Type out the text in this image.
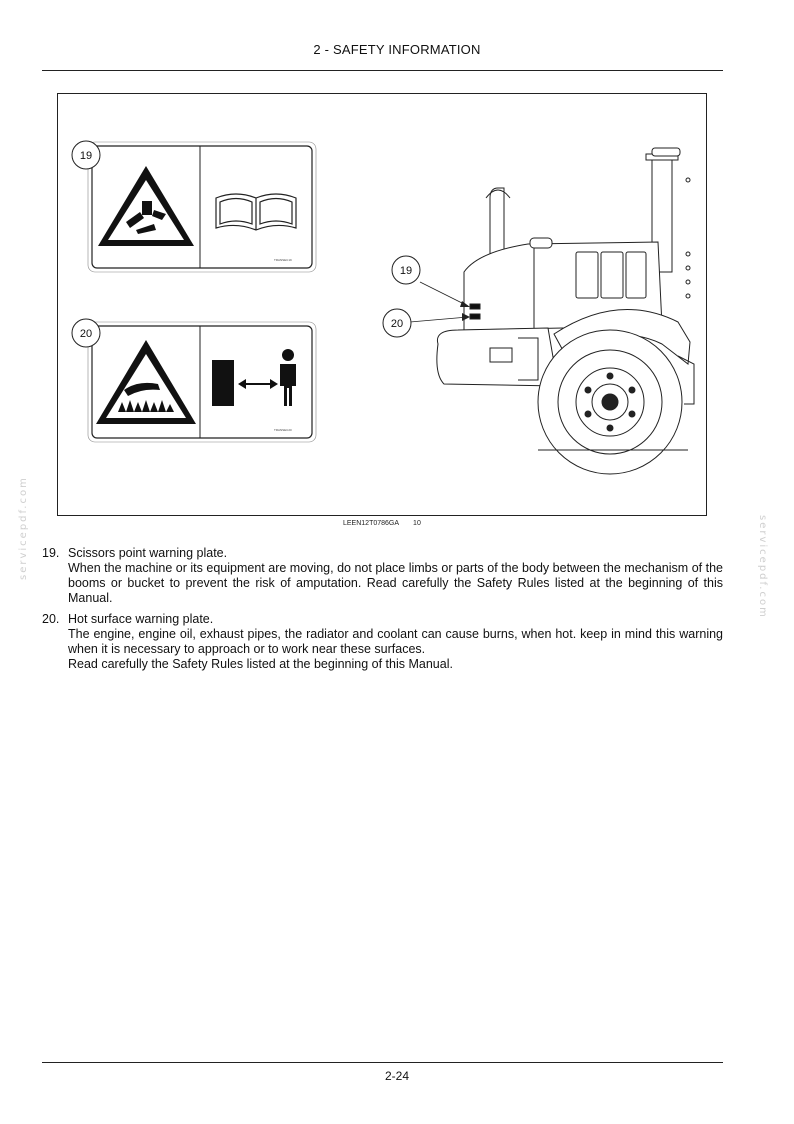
2 - SAFETY INFORMATION
TRANSEC19
19
TRANSEC20
20
19
20
LEEN12T0786GA 10
19. Scissors point warning plate.

When the machine or its equipment are moving, do not place limbs or parts of the body between the mechanism of the booms or bucket to prevent the risk of amputation. Read carefully the Safety Rules listed at the beginning of this Manual.

20. Hot surface warning plate.

The engine, engine oil, exhaust pipes, the radiator and coolant can cause burns, when hot. keep in mind this warning when it is necessary to approach or to work near these surfaces.

Read carefully the Safety Rules listed at the beginning of this Manual.

servicepdf.com	servicepdf.com
2-24
